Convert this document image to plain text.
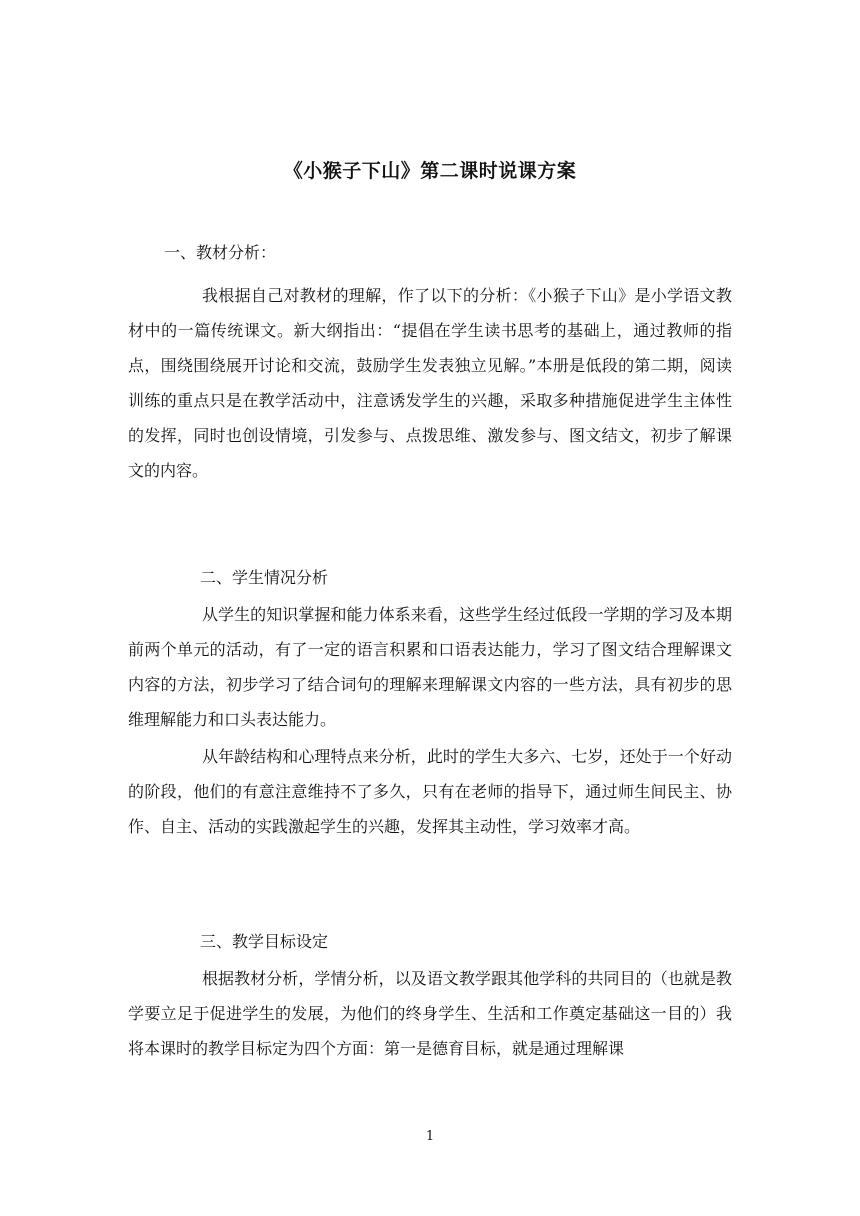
《小猴子下山》第二课时说课方案
一、教材分析：

我根据自己对教材的理解，作了以下的分析：《小猴子下山》是小学语文教材中的一篇传统课文。新大纲指出：“提倡在学生读书思考的基础上，通过教师的指点，围绕围绕展开讨论和交流，鼓励学生发表独立见解。”本册是低段的第二期，阅读训练的重点只是在教学活动中，注意诱发学生的兴趣，采取多种措施促进学生主体性的发挥，同时也创设情境，引发参与、点拨思维、激发参与、图文结文，初步了解课文的内容。

二、学生情况分析

从学生的知识掌握和能力体系来看，这些学生经过低段一学期的学习及本期前两个单元的活动，有了一定的语言积累和口语表达能力，学习了图文结合理解课文内容的方法，初步学习了结合词句的理解来理解课文内容的一些方法，具有初步的思维理解能力和口头表达能力。

从年龄结构和心理特点来分析，此时的学生大多六、七岁，还处于一个好动的阶段，他们的有意注意维持不了多久，只有在老师的指导下，通过师生间民主、协作、自主、活动的实践激起学生的兴趣，发挥其主动性，学习效率才高。

三、教学目标设定

根据教材分析，学情分析，以及语文教学跟其他学科的共同目的（也就是教学要立足于促进学生的发展，为他们的终身学生、生活和工作奠定基础这一目的）我将本课时的教学目标定为四个方面：第一是德育目标，就是通过理解课

1
